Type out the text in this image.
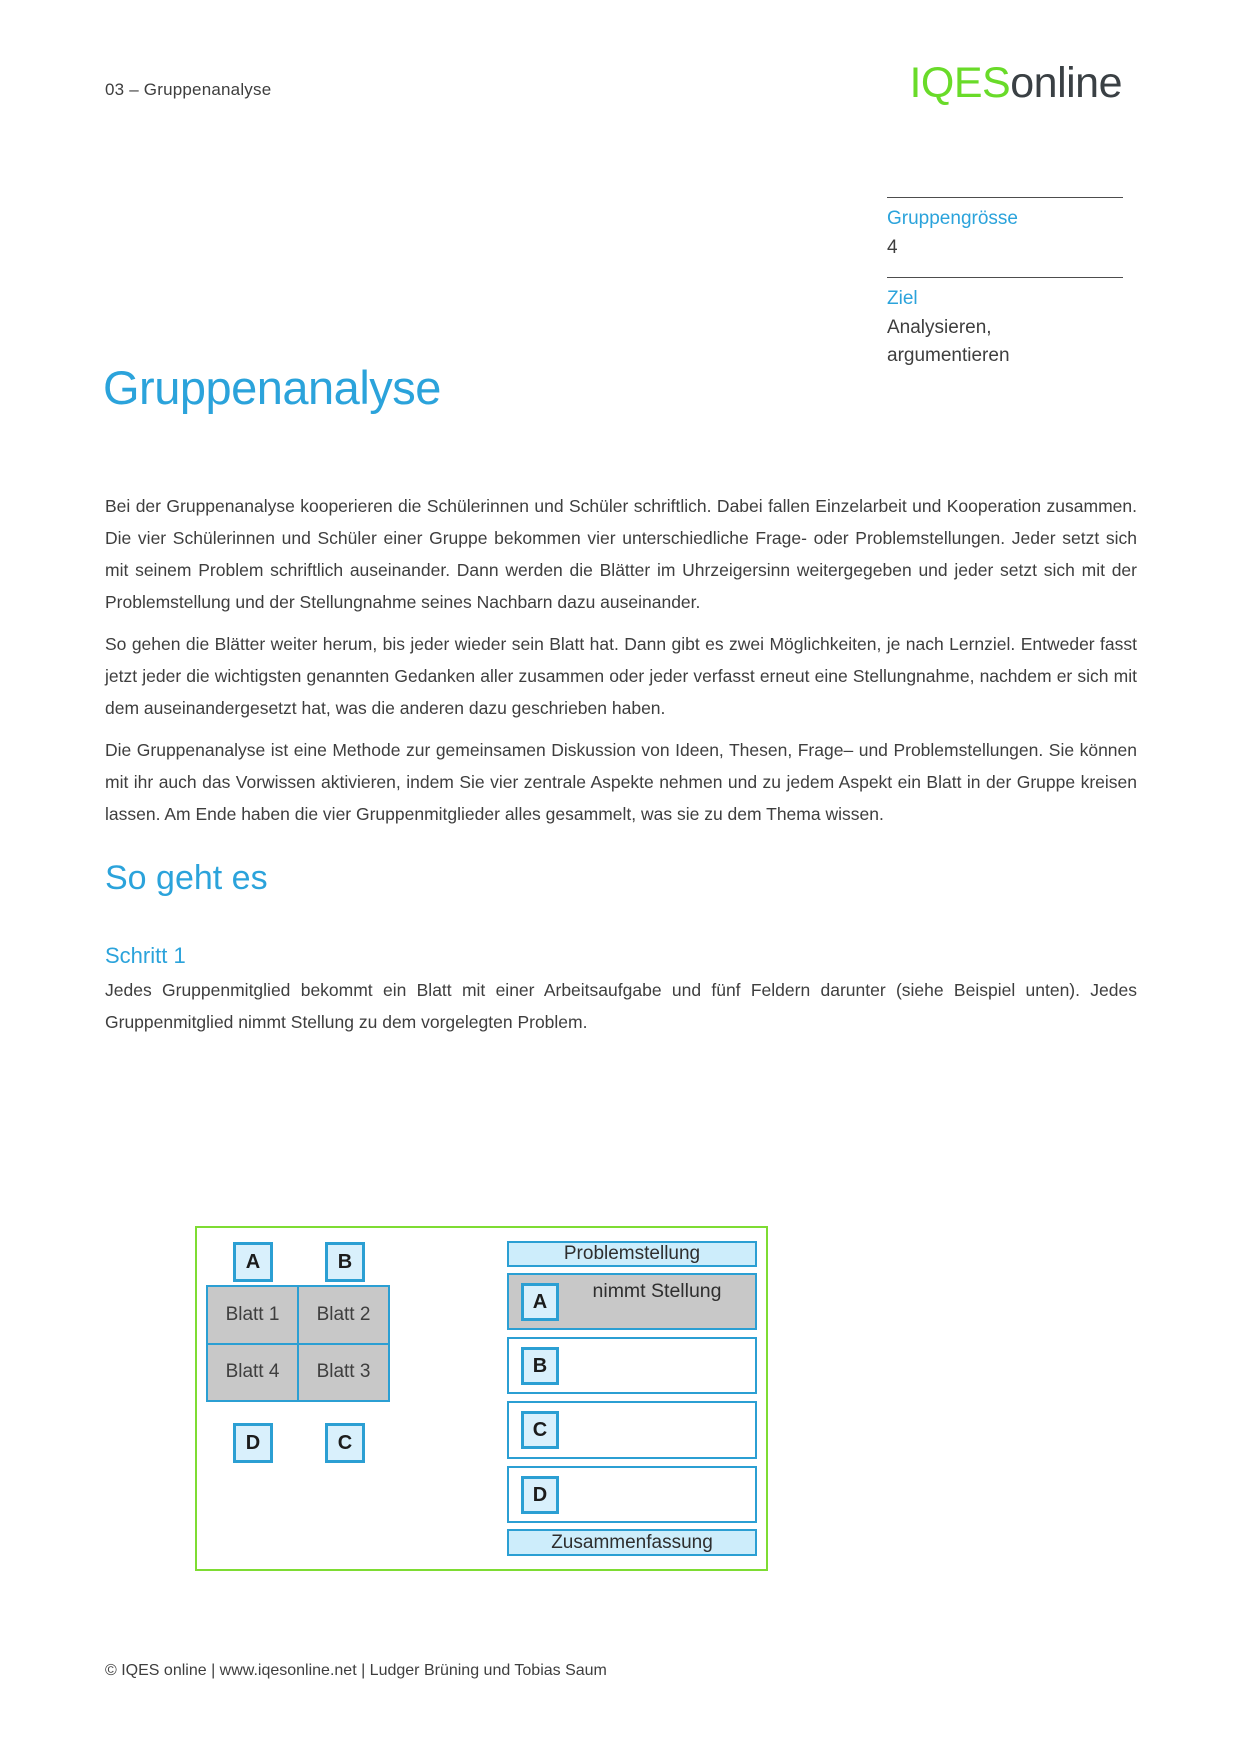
03 – Gruppenanalyse	IQESonline
Gruppengrösse
4
Ziel
Analysieren,
argumentieren
Gruppenanalyse

Bei der Gruppenanalyse kooperieren die Schülerinnen und Schüler schriftlich. Dabei fallen Einzelarbeit und Kooperation zusammen. Die vier Schülerinnen und Schüler einer Gruppe bekommen vier unterschiedliche Frage- oder Problemstellungen. Jeder setzt sich mit seinem Problem schriftlich auseinander. Dann werden die Blätter im Uhrzeigersinn weitergegeben und jeder setzt sich mit der Problemstellung und der Stellungnahme seines Nachbarn dazu auseinander.

So gehen die Blätter weiter herum, bis jeder wieder sein Blatt hat. Dann gibt es zwei Möglichkeiten, je nach Lernziel. Entweder fasst jetzt jeder die wichtigsten genannten Gedanken aller zusammen oder jeder verfasst erneut eine Stellungnahme, nachdem er sich mit dem auseinandergesetzt hat, was die anderen dazu geschrieben haben.

Die Gruppenanalyse ist eine Methode zur gemeinsamen Diskussion von Ideen, Thesen, Frage– und Problemstellungen. Sie können mit ihr auch das Vorwissen aktivieren, indem Sie vier zentrale Aspekte nehmen und zu jedem Aspekt ein Blatt in der Gruppe kreisen lassen. Am Ende haben die vier Gruppenmitglieder alles gesammelt, was sie zu dem Thema wissen.

So geht es
Schritt 1

Jedes Gruppenmitglied bekommt ein Blatt mit einer Arbeitsaufgabe und fünf Feldern darunter (siehe Beispiel unten). Jedes Gruppenmitglied nimmt Stellung zu dem vorgelegten Problem.

A	B
Blatt 1	Blatt 2
Blatt 4	Blatt 3
D	C
Problemstellung
A	nimmt Stellung
B
C
D
Zusammenfassung
© IQES online | www.iqesonline.net | Ludger Brüning und Tobias Saum
